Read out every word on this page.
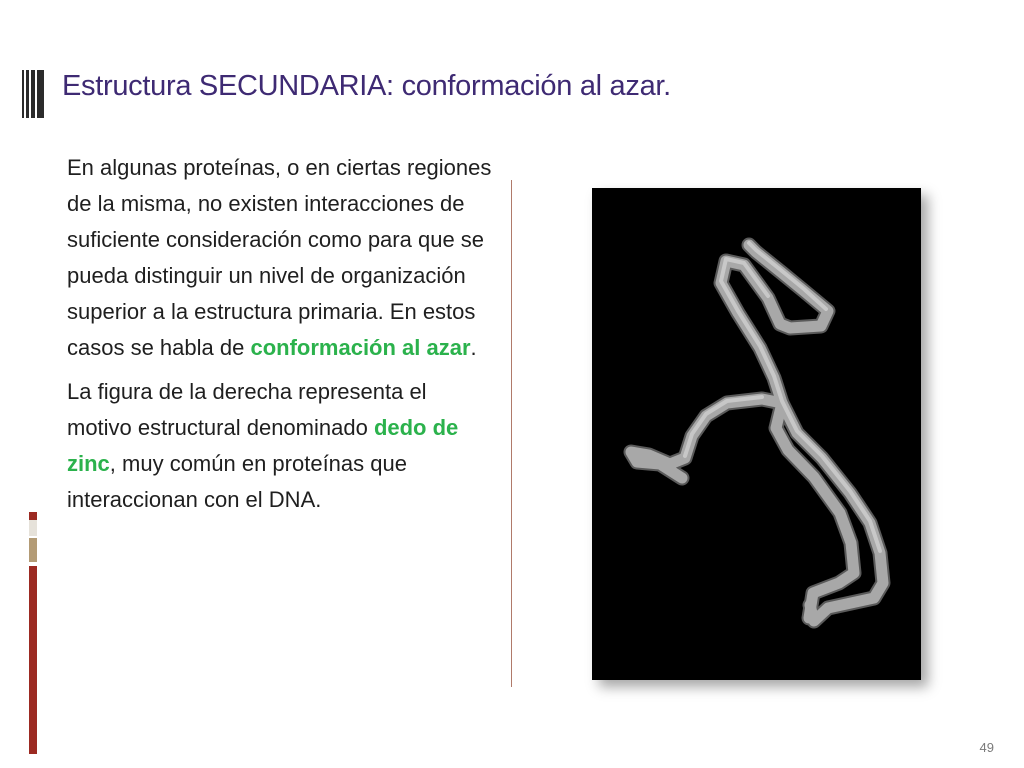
Estructura SECUNDARIA: conformación al azar.

En algunas proteínas, o en ciertas regiones de la misma, no existen interacciones de suficiente consideración como para que se pueda distinguir un nivel de organización superior a la estructura primaria. En estos casos se habla de conformación al azar.

La figura de la derecha representa el motivo estructural denominado dedo de zinc, muy común en proteínas que interaccionan con el DNA.

49
